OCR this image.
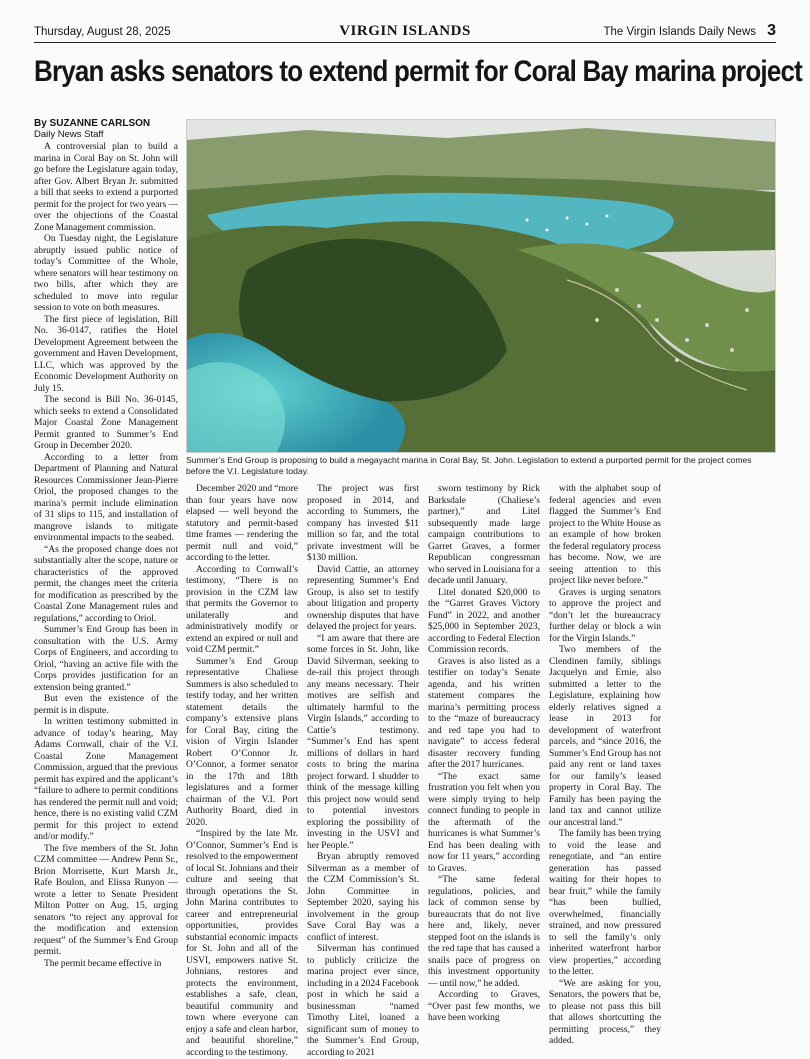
Thursday, August 28, 2025	VIRGIN ISLANDS	The Virgin Islands Daily News 3
Bryan asks senators to extend permit for Coral Bay marina project
By SUZANNE CARLSON
Daily News Staff
Summer’s End Group is proposing to build a megayacht marina in Coral Bay, St. John. Legislation to extend a purported permit for the project comes before the V.I. Legislature today.

A controversial plan to build a marina in Coral Bay on St. John will go before the Legislature again today, after Gov. Albert Bryan Jr. submitted a bill that seeks to extend a purported permit for the project for two years — over the objections of the Coastal Zone Management commission.

On Tuesday night, the Legislature abruptly issued public notice of today’s Committee of the Whole, where senators will hear testimony on two bills, after which they are scheduled to move into regular session to vote on both measures.

The first piece of legislation, Bill No. 36-0147, ratifies the Hotel Development Agreement between the government and Haven Development, LLC, which was approved by the Economic Development Authority on July 15.

The second is Bill No. 36-0145, which seeks to extend a Consolidated Major Coastal Zone Management Permit granted to Summer’s End Group in December 2020.

According to a letter from Department of Planning and Natural Resources Commissioner Jean-Pierre Oriol, the proposed changes to the marina’s permit include elimination of 31 slips to 115, and installation of mangrove islands to mitigate environmental impacts to the seabed.

“As the proposed change does not substantially alter the scope, nature or characteristics of the approved permit, the changes meet the criteria for modification as prescribed by the Coastal Zone Management rules and regulations,” according to Oriol.

Summer’s End Group has been in consultation with the U.S. Army Corps of Engineers, and according to Oriol, “having an active file with the Corps provides justification for an extension being granted.”

But even the existence of the permit is in dispute.

In written testimony submitted in advance of today’s hearing, May Adams Cornwall, chair of the V.I. Coastal Zone Management Commission, argued that the previous permit has expired and the applicant’s “failure to adhere to permit conditions has rendered the permit null and void; hence, there is no existing valid CZM permit for this project to extend and/or modify.”

The five members of the St. John CZM committee — Andrew Penn Sr., Brion Morrisette, Kurt Marsh Jr., Rafe Boulon, and Elissa Runyon — wrote a letter to Senate President Milton Potter on Aug. 15, urging senators “to reject any approval for the modification and extension request” of the Summer’s End Group permit.

The permit became effective in

December 2020 and “more than four years have now elapsed — well beyond the statutory and permit-based time frames — rendering the permit null and void,” according to the letter.

According to Cornwall’s testimony, “There is no provision in the CZM law that permits the Governor to unilaterally and administratively modify or extend an expired or null and void CZM permit.”

Summer’s End Group representative Chaliese Summers is also scheduled to testify today, and her written statement details the company’s extensive plans for Coral Bay, citing the vision of Virgin Islander Robert O’Connor Jr. O’Connor, a former senator in the 17th and 18th legislatures and a former chairman of the V.I. Port Authority Board, died in 2020.

“Inspired by the late Mr. O’Connor, Summer’s End is resolved to the empowerment of local St. Johnians and their culture and seeing that through operations the St. John Marina contributes to career and entrepreneurial opportunities, provides substantial economic impacts for St. John and all of the USVI, empowers native St. Johnians, restores and protects the environment, establishes a safe, clean, beautiful community and town where everyone can enjoy a safe and clean harbor, and beautiful shoreline,” according to the testimony.

The project was first proposed in 2014, and according to Summers, the company has invested $11 million so far, and the total private investment will be $130 million.

David Cattie, an attorney representing Summer’s End Group, is also set to testify about litigation and property ownership disputes that have delayed the project for years.

“I am aware that there are some forces in St. John, like David Silverman, seeking to de-rail this project through any means necessary. Their motives are selfish and ultimately harmful to the Virgin Islands,” according to Cattie’s testimony. “Summer’s End has spent millions of dollars in hard costs to bring the marina project forward. I shudder to think of the message killing this project now would send to potential investors exploring the possibility of investing in the USVI and her People.”

Bryan abruptly removed Silverman as a member of the CZM Commission’s St. John Committee in September 2020, saying his involvement in the group Save Coral Bay was a conflict of interest.

Silverman has continued to publicly criticize the marina project ever since, including in a 2024 Facebook post in which he said a businessman “named Timothy Litel, loaned a significant sum of money to the Summer’s End Group, according to 2021

sworn testimony by Rick Barksdale (Chaliese’s partner),” and Litel subsequently made large campaign contributions to Garret Graves, a former Republican congressman who served in Louisiana for a decade until January.

Litel donated $20,000 to the “Garret Graves Victory Fund” in 2022, and another $25,000 in September 2023, according to Federal Election Commission records.

Graves is also listed as a testifier on today’s Senate agenda, and his written statement compares the marina’s permitting process to the “maze of bureaucracy and red tape you had to navigate” to access federal disaster recovery funding after the 2017 hurricanes.

“The exact same frustration you felt when you were simply trying to help connect funding to people in the aftermath of the hurricanes is what Summer’s End has been dealing with now for 11 years,” according to Graves.

“The same federal regulations, policies, and lack of common sense by bureaucrats that do not live here and, likely, never stepped foot on the islands is the red tape that has caused a snails pace of progress on this investment opportunity — until now,” he added.

According to Graves, “Over past few months, we have been working

with the alphabet soup of federal agencies and even flagged the Summer’s End project to the White House as an example of how broken the federal regulatory process has become. Now, we are seeing attention to this project like never before.”

Graves is urging senators to approve the project and “don’t let the bureaucracy further delay or block a win for the Virgin Islands.”

Two members of the Clendinen family, siblings Jacquelyn and Ernie, also submitted a letter to the Legislature, explaining how elderly relatives signed a lease in 2013 for development of waterfront parcels, and “since 2016, the Summer’s End Group has not paid any rent or land taxes for our family’s leased property in Coral Bay. The Family has been paying the land tax and cannot utilize our ancestral land.”

The family has been trying to void the lease and renegotiate, and “an entire generation has passed waiting for their hopes to bear fruit,” while the family “has been bullied, overwhelmed, financially strained, and now pressured to sell the family’s only inherited waterfront harbor view properties,” according to the letter.

“We are asking for you, Senators, the powers that be, to please not pass this bill that allows shortcutting the permitting process,” they added.
